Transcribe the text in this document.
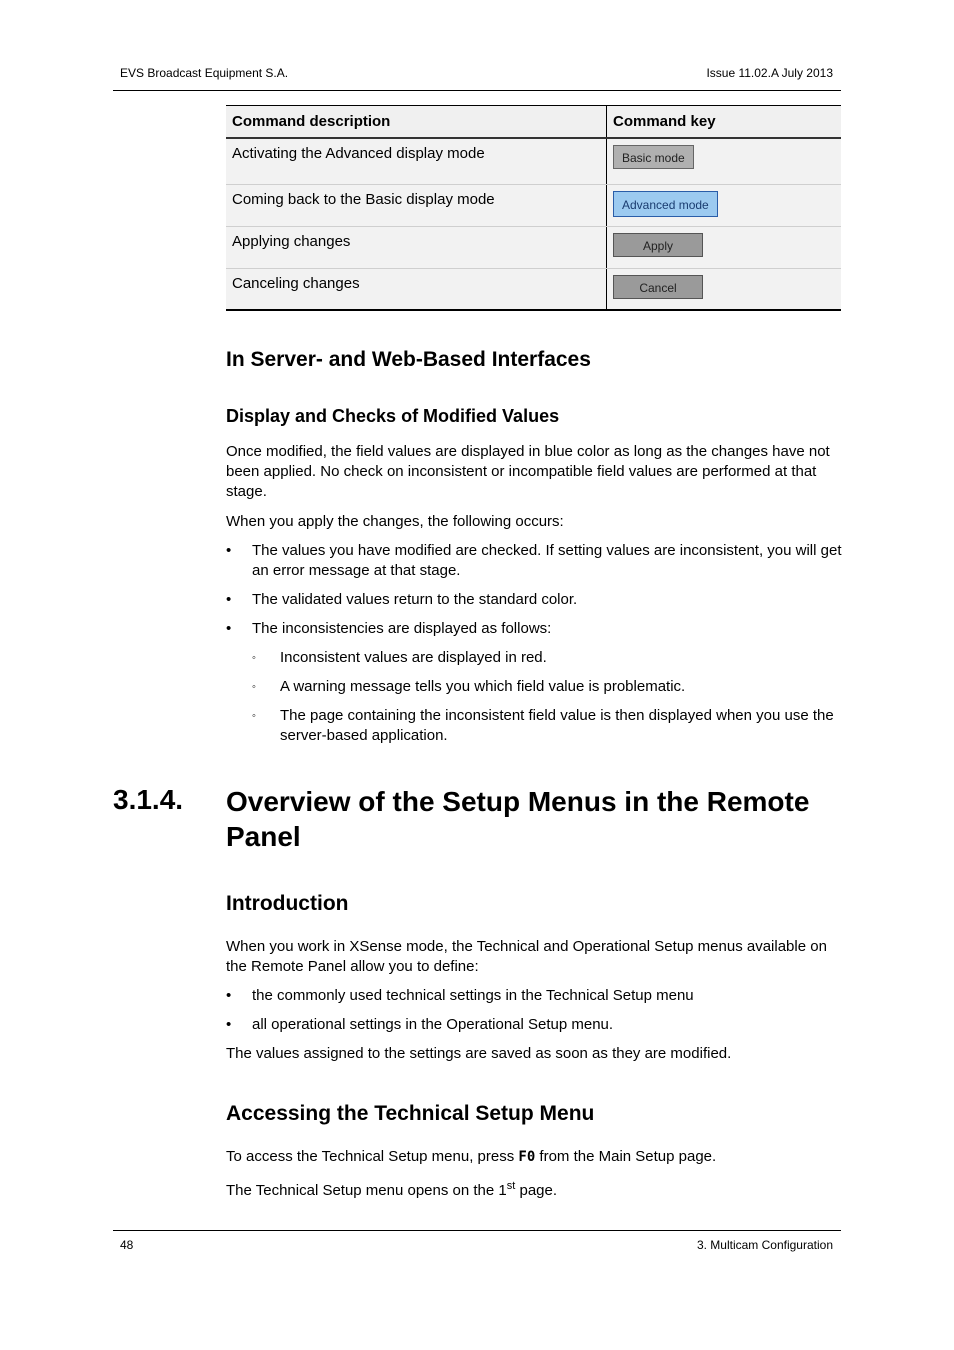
EVS Broadcast Equipment S.A.	Issue 11.02.A July 2013
Command description	Command key
Activating the Advanced display mode	Basic mode
Coming back to the Basic display mode	Advanced mode
Applying changes	Apply
Canceling changes	Cancel
In Server- and Web-Based Interfaces
Display and Checks of Modified Values
Once modified, the field values are displayed in blue color as long as the changes have not been applied. No check on inconsistent or incompatible field values are performed at that stage.
When you apply the changes, the following occurs:
• The values you have modified are checked. If setting values are inconsistent, you will get an error message at that stage.
• The validated values return to the standard color.
• The inconsistencies are displayed as follows:
◦ Inconsistent values are displayed in red.
◦ A warning message tells you which field value is problematic.
◦ The page containing the inconsistent field value is then displayed when you use the server-based application.
3.1.4. Overview of the Setup Menus in the Remote Panel
Introduction
When you work in XSense mode, the Technical and Operational Setup menus available on the Remote Panel allow you to define:
• the commonly used technical settings in the Technical Setup menu
• all operational settings in the Operational Setup menu.
The values assigned to the settings are saved as soon as they are modified.
Accessing the Technical Setup Menu
To access the Technical Setup menu, press F0 from the Main Setup page.
The Technical Setup menu opens on the 1st page.
48	3. Multicam Configuration
